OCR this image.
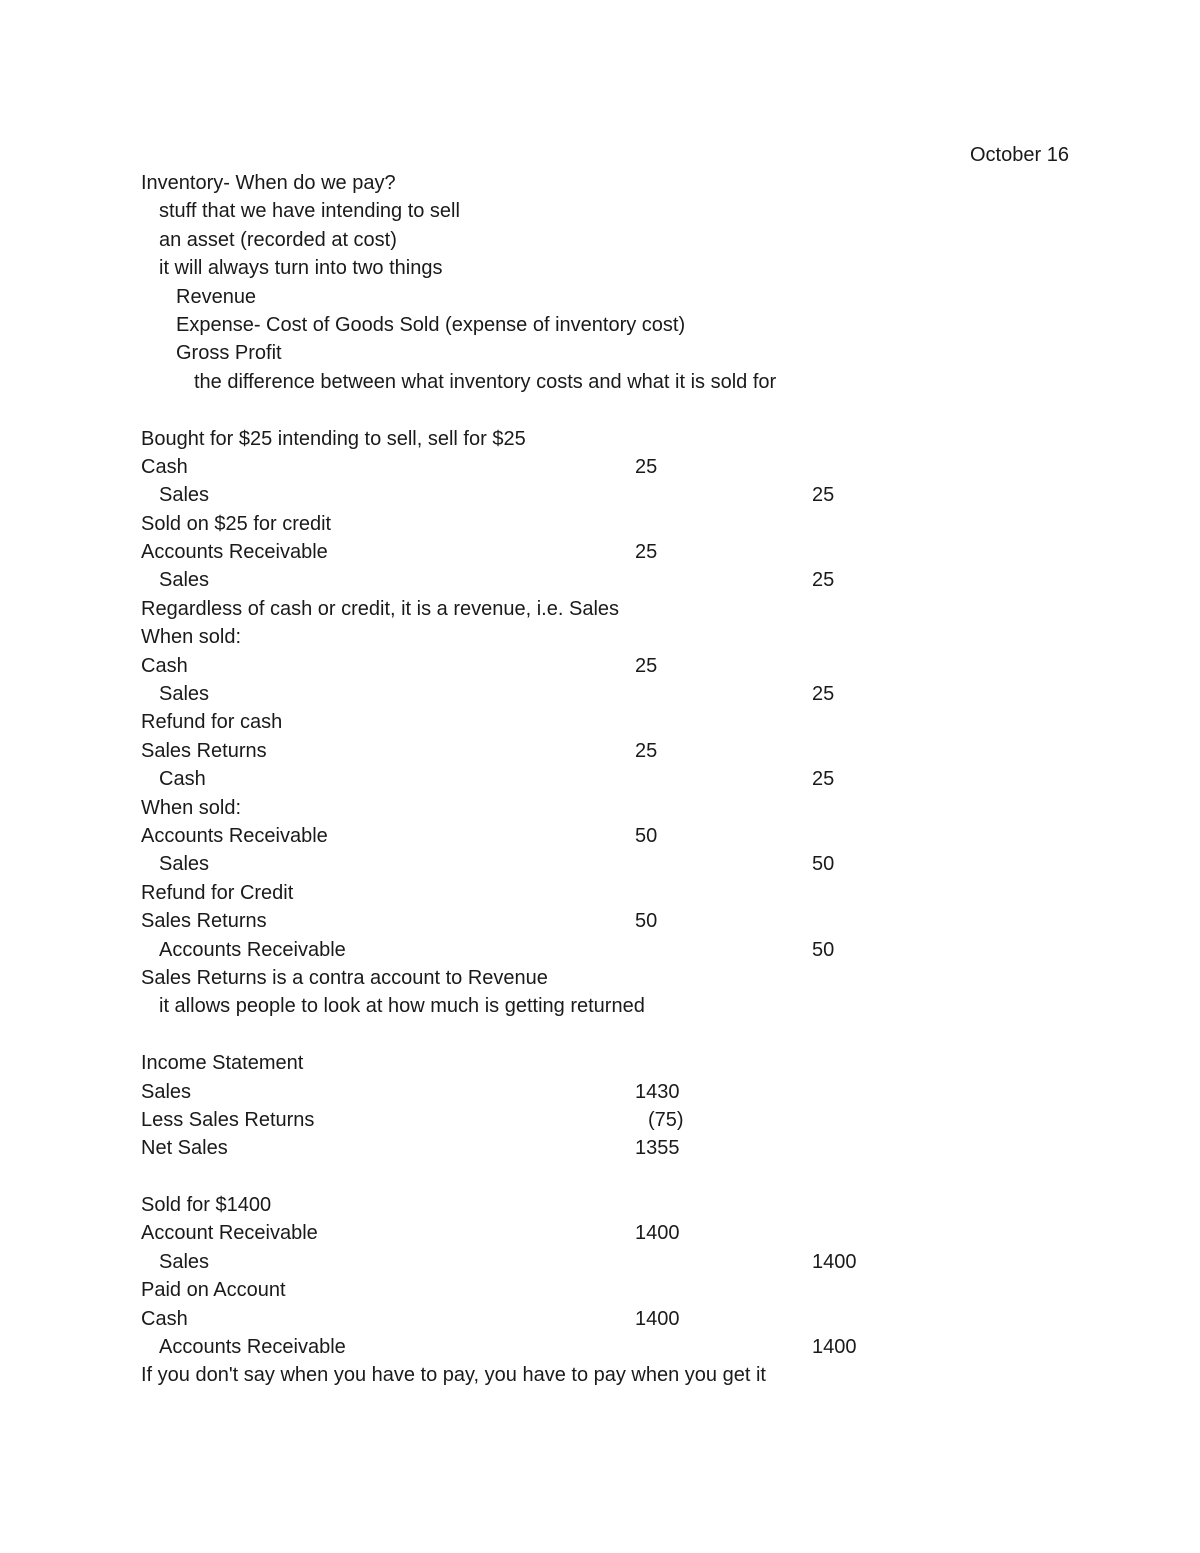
October 16
Inventory- When do we pay?
stuff that we have intending to sell
an asset (recorded at cost)
it will always turn into two things
Revenue
Expense- Cost of Goods Sold (expense of inventory cost)
Gross Profit
the difference between what inventory costs and what it is sold for
Bought for $25 intending to sell, sell for $25
Cash	25
Sales	25
Sold on $25 for credit
Accounts Receivable	25
Sales	25
Regardless of cash or credit, it is a revenue, i.e. Sales
When sold:
Cash	25
Sales	25
Refund for cash
Sales Returns	25
Cash	25
When sold:
Accounts Receivable	50
Sales	50
Refund for Credit
Sales Returns	50
Accounts Receivable	50
Sales Returns is a contra account to Revenue
it allows people to look at how much is getting returned
Income Statement
Sales	1430
Less Sales Returns	(75)
Net Sales	1355
Sold for $1400
Account Receivable	1400
Sales	1400
Paid on Account
Cash	1400
Accounts Receivable	1400
If you don't say when you have to pay, you have to pay when you get it
